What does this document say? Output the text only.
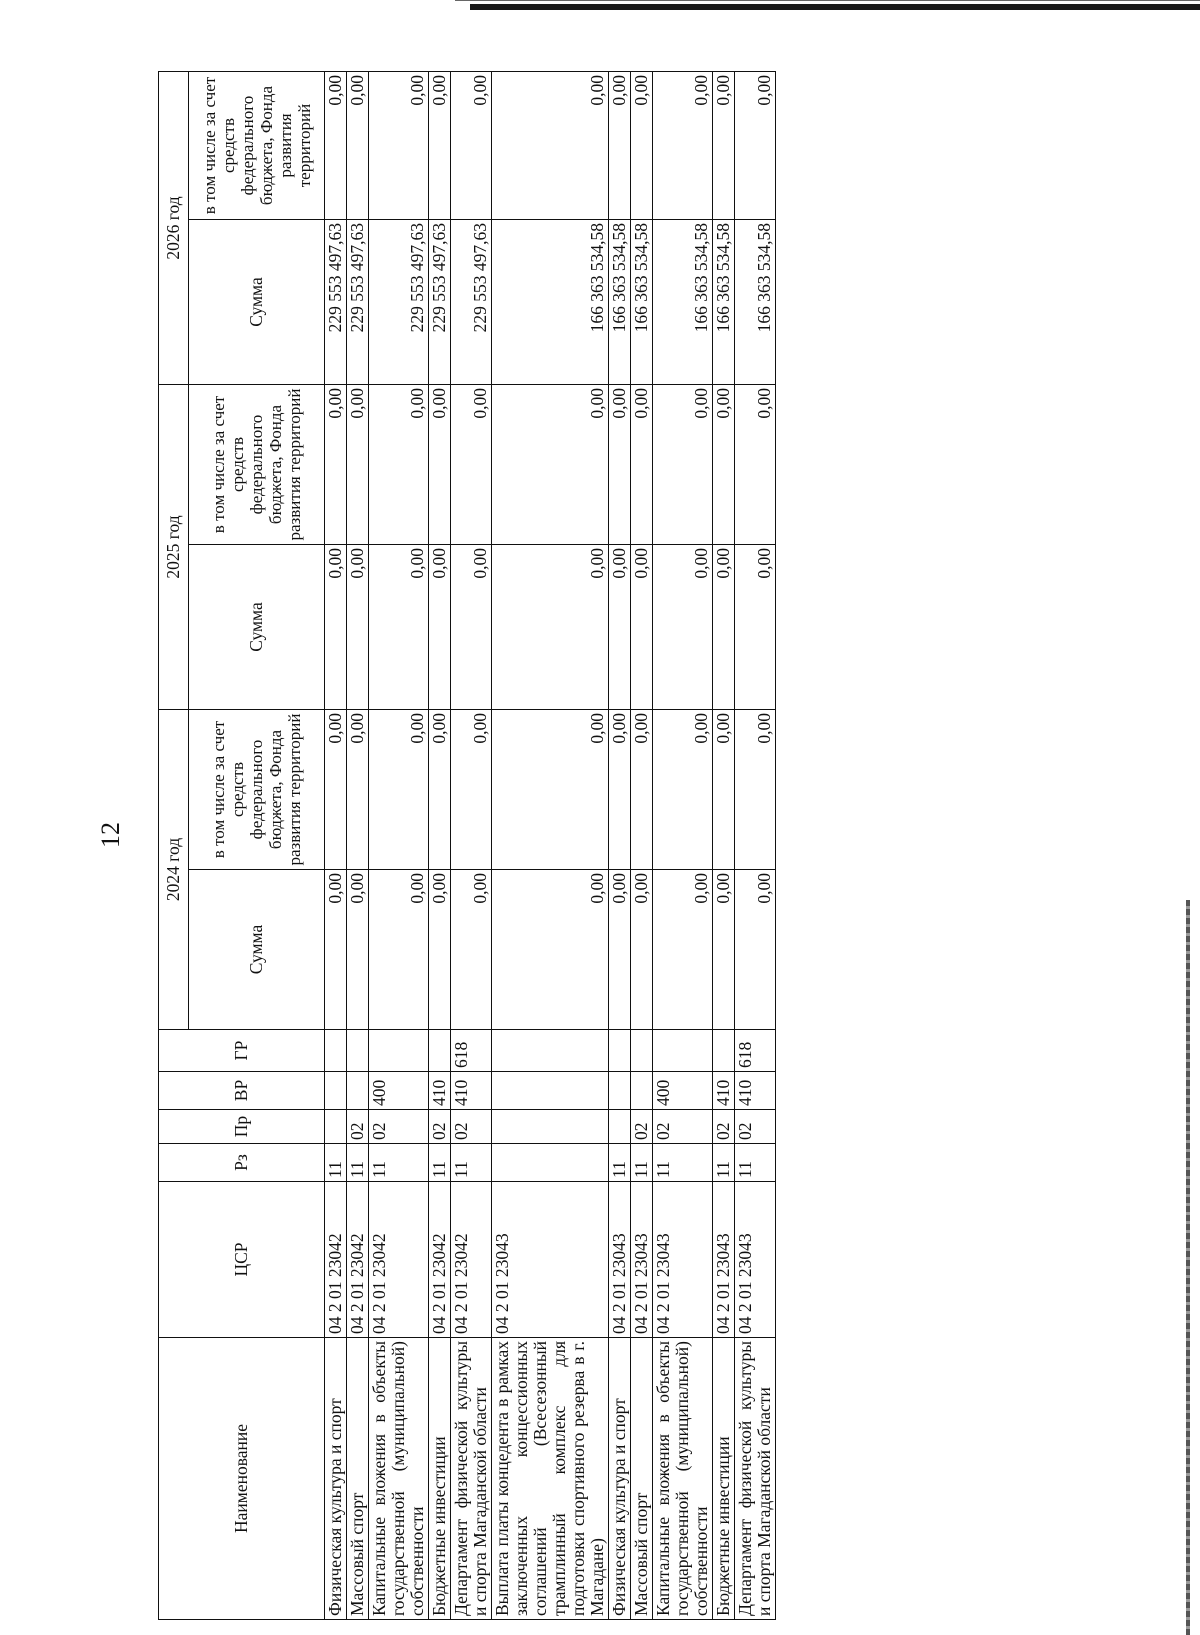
12
Наименование	ЦСР	Рз	Пр	ВР	ГР	2024 год		2025 год		2026 год	
						Сумма	в том числе за счет средств федерального бюджета, Фонда развития территорий	Сумма	в том числе за счет средств федерального бюджета, Фонда развития территорий	Сумма	в том числе за счет средств федерального бюджета, Фонда развития территорий
Физическая культура и спорт	04 2 01 23042	11				0,00	0,00	0,00	0,00	229 553 497,63	0,00
Массовый спорт	04 2 01 23042	11	02			0,00	0,00	0,00	0,00	229 553 497,63	0,00
Капитальные вложения в объекты государственной (муниципальной) собственности	04 2 01 23042	11	02	400		0,00	0,00	0,00	0,00	229 553 497,63	0,00
Бюджетные инвестиции	04 2 01 23042	11	02	410		0,00	0,00	0,00	0,00	229 553 497,63	0,00
Департамент физической культуры и спорта Магаданской области	04 2 01 23042	11	02	410	618	0,00	0,00	0,00	0,00	229 553 497,63	0,00
Выплата платы концедента в рамках заключенных концессионных соглашений (Всесезонный трамплинный комплекс для подготовки спортивного резерва в г. Магадане)	04 2 01 23043					0,00	0,00	0,00	0,00	166 363 534,58	0,00
Физическая культура и спорт	04 2 01 23043	11				0,00	0,00	0,00	0,00	166 363 534,58	0,00
Массовый спорт	04 2 01 23043	11	02			0,00	0,00	0,00	0,00	166 363 534,58	0,00
Капитальные вложения в объекты государственной (муниципальной) собственности	04 2 01 23043	11	02	400		0,00	0,00	0,00	0,00	166 363 534,58	0,00
Бюджетные инвестиции	04 2 01 23043	11	02	410		0,00	0,00	0,00	0,00	166 363 534,58	0,00
Департамент физической культуры и спорта Магаданской области	04 2 01 23043	11	02	410	618	0,00	0,00	0,00	0,00	166 363 534,58	0,00
